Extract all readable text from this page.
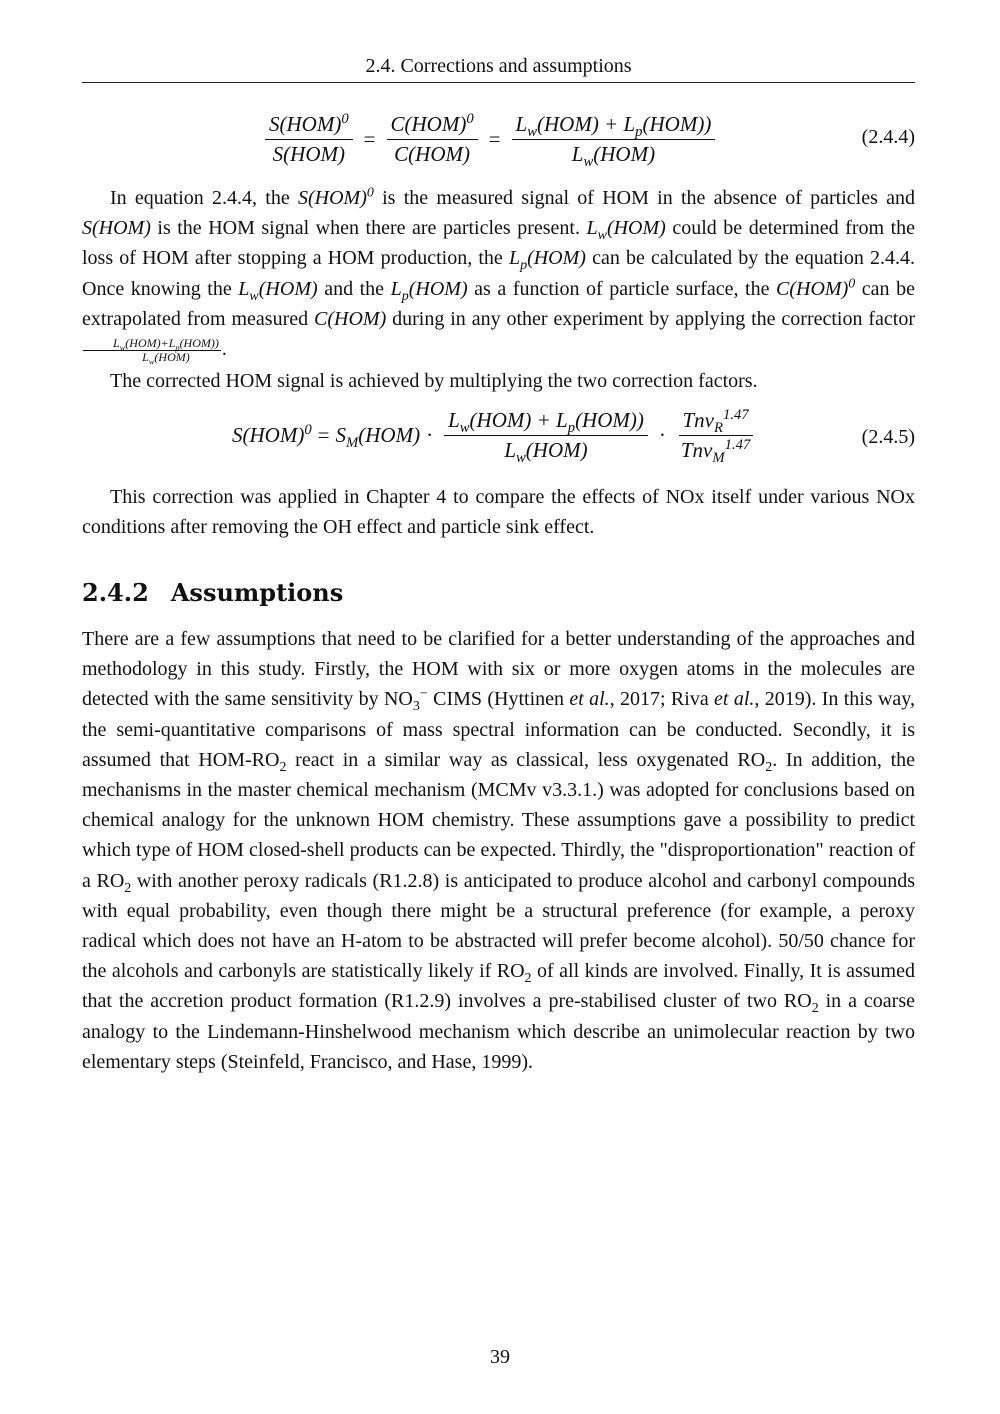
2.4. Corrections and assumptions
$\frac{S(HOM)^0}{\text{S(HOM)}} = \frac{C(HOM)^0}{\text{C(HOM)}} = \frac{L_w(HOM) + L_p(HOM))}{L_w(HOM)}$	(2.4.4)
In equation 2.4.4, the S(HOM)$^0$ is the measured signal of HOM in the absence of particles and S(HOM) is the HOM signal when there are particles present. $L_w(HOM)$ could be determined from the loss of HOM after stopping a HOM production, the $L_p(HOM)$ can be calculated by the equation 2.4.4. Once knowing the $L_w(HOM)$ and the $L_p(HOM)$ as a function of particle surface, the C(HOM)$^0$ can be extrapolated from measured C(HOM) during in any other experiment by applying the correction factor
$\frac{L_w(HOM)+L_p(HOM))}{L_w(HOM)}$ .
The corrected HOM signal is achieved by multiplying the two correction factors.
$S(HOM)^0 = S_M(HOM) \cdot \frac{L_w(HOM) + L_p(HOM))}{L_w(HOM)} \cdot \frac{Tnv_R^{1.47}}{Tnv_M^{1.47}}$	(2.4.5)
This correction was applied in Chapter 4 to compare the effects of NOx itself under various NOx conditions after removing the OH effect and particle sink effect.
2.4.2 Assumptions
There are a few assumptions that need to be clarified for a better understanding of the approaches and methodology in this study. Firstly, the HOM with six or more oxygen atoms in the molecules are detected with the same sensitivity by $NO_3^-$ CIMS (Hyttinen et al., 2017; Riva et al., 2019). In this way, the semi-quantitative comparisons of mass spectral information can be conducted. Secondly, it is assumed that HOM-$RO_2$ react in a similar way as classical, less oxygenated $RO_2$. In addition, the mechanisms in the master chemical mechanism (MCMv v3.3.1.) was adopted for conclusions based on chemical analogy for the unknown HOM chemistry. These assumptions gave a possibility to predict which type of HOM closed-shell products can be expected. Thirdly, the "disproportionation" reaction of a $RO_2$ with another peroxy radicals (R1.2.8) is anticipated to produce alcohol and carbonyl compounds with equal probability, even though there might be a structural preference (for example, a peroxy radical which does not have an H-atom to be abstracted will prefer become alcohol). 50/50 chance for the alcohols and carbonyls are statistically likely if $RO_2$ of all kinds are involved. Finally, It is assumed that the accretion product formation (R1.2.9) involves a pre-stabilised cluster of two $RO_2$ in a coarse analogy to the Lindemann-Hinshelwood mechanism which describe an unimolecular reaction by two elementary steps (Steinfeld, Francisco, and Hase, 1999).
39
